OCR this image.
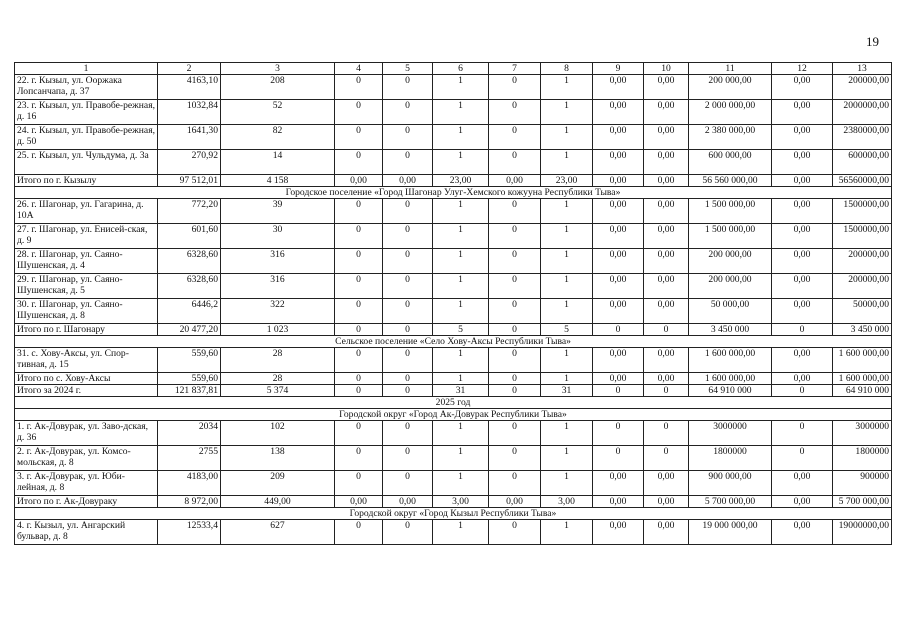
19
1	2	3	4	5	6	7	8	9	10	11	12	13
22. г. Кызыл, ул. Ооржака Лопсанчапа, д. 37	4163,10	208	0	0	1	0	1	0,00	0,00	200 000,00	0,00	200000,00
23. г. Кызыл, ул. Правобе-режная, д. 16	1032,84	52	0	0	1	0	1	0,00	0,00	2 000 000,00	0,00	2000000,00
24. г. Кызыл, ул. Правобе-режная, д. 50	1641,30	82	0	0	1	0	1	0,00	0,00	2 380 000,00	0,00	2380000,00
25. г. Кызыл, ул. Чульдума, д. 3а	270,92	14	0	0	1	0	1	0,00	0,00	600 000,00	0,00	600000,00
Итого по г. Кызылу	97 512,01	4 158	0,00	0,00	23,00	0,00	23,00	0,00	0,00	56 560 000,00	0,00	56560000,00
Городское поселение «Город Шагонар Улуг-Хемского кожууна Республики Тыва»												
26. г. Шагонар, ул. Гагарина, д. 10А	772,20	39	0	0	1	0	1	0,00	0,00	1 500 000,00	0,00	1500000,00
27. г. Шагонар, ул. Енисей-ская, д. 9	601,60	30	0	0	1	0	1	0,00	0,00	1 500 000,00	0,00	1500000,00
28. г. Шагонар, ул. Саяно-Шушенская, д. 4	6328,60	316	0	0	1	0	1	0,00	0,00	200 000,00	0,00	200000,00
29. г. Шагонар, ул. Саяно-Шушенская, д. 5	6328,60	316	0	0	1	0	1	0,00	0,00	200 000,00	0,00	200000,00
30. г. Шагонар, ул. Саяно-Шушенская, д. 8	6446,2	322	0	0	1	0	1	0,00	0,00	50 000,00	0,00	50000,00
Итого по г. Шагонару	20 477,20	1 023	0	0	5	0	5	0	0	3 450 000	0	3 450 000
Сельское поселение «Село Хову-Аксы Республики Тыва»												
31. с. Хову-Аксы, ул. Спор-тивная, д. 15	559,60	28	0	0	1	0	1	0,00	0,00	1 600 000,00	0,00	1 600 000,00
Итого по с. Хову-Аксы	559,60	28	0	0	1	0	1	0,00	0,00	1 600 000,00	0,00	1 600 000,00
Итого за 2024 г.	121 837,81	5 374	0	0	31	0	31	0	0	64 910 000	0	64 910 000
2025 год												
Городской округ «Город Ак-Довурак Республики Тыва»												
1. г. Ак-Довурак, ул. Заво-дская, д. 36	2034	102	0	0	1	0	1	0	0	3000000	0	3000000
2. г. Ак-Довурак, ул. Комсо-мольская, д. 8	2755	138	0	0	1	0	1	0	0	1800000	0	1800000
3. г. Ак-Довурак, ул. Юби-лейная, д. 8	4183,00	209	0	0	1	0	1	0,00	0,00	900 000,00	0,00	900000
Итого по г. Ак-Довураку	8 972,00	449,00	0,00	0,00	3,00	0,00	3,00	0,00	0,00	5 700 000,00	0,00	5 700 000,00
Городской округ «Город Кызыл Республики Тыва»												
4. г. Кызыл, ул. Ангарский бульвар, д. 8	12533,4	627	0	0	1	0	1	0,00	0,00	19 000 000,00	0,00	19000000,00
